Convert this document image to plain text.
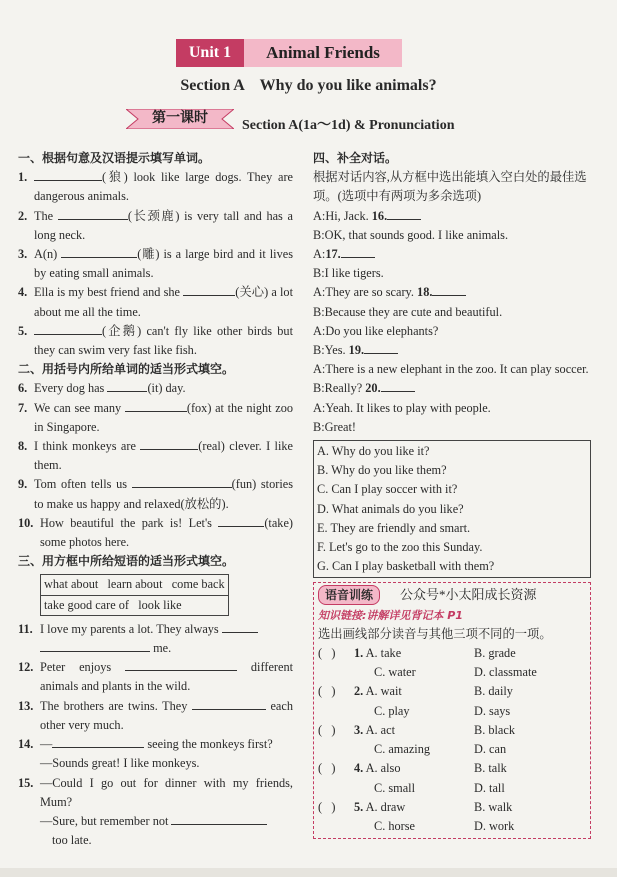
Unit 1	Animal Friends
Section A    Why do you like animals?
第一课时 Section A(1a～1d) & Pronunciation
一、根据句意及汉语提示填写单词。
1.	(狼) look like large dogs. They are dangerous animals.
2. The	(长颈鹿) is very tall and has a long neck.
3. A(n)	(雕) is a large bird and it lives by eating small animals.
4. Ella is my best friend and she	(关心) a lot about me all the time.
5.	(企鹅) can't fly like other birds but they can swim very fast like fish.
二、用括号内所给单词的适当形式填空。
6. Every dog has	(it) day.
7. We can see many	(fox) at the night zoo in Singapore.
8. I think monkeys are	(real) clever. I like them.
9. Tom often tells us	(fun) stories to make us happy and relaxed(放松的).
10. How beautiful the park is! Let's	(take) some photos here.
三、用方框中所给短语的适当形式填空。
what about   learn about   come back
take good care of   look like
11. I love my parents a lot. They always
me.
12. Peter enjoys	different animals and plants in the wild.
13. The brothers are twins. They	each other very much.
14. —	seeing the monkeys first?
—Sounds great! I like monkeys.
15. —Could I go out for dinner with my friends, Mum?
—Sure, but remember not
too late.
四、补全对话。
根据对话内容,从方框中选出能填入空白处的最佳选项。(选项中有两项为多余选项)
A:Hi, Jack. 16.
B:OK, that sounds good. I like animals.
A:17.
B:I like tigers.
A:They are so scary. 18.
B:Because they are cute and beautiful.
A:Do you like elephants?
B:Yes. 19.
A: There is a new elephant in the zoo. It can play soccer.
B:Really? 20.
A:Yeah. It likes to play with people.
B:Great!
A. Why do you like it?
B. Why do you like them?
C. Can I play soccer with it?
D. What animals do you like?
E. They are friendly and smart.
F. Let's go to the zoo this Sunday.
G. Can I play basketball with them?
语音训练 公众号*小太阳成长资源
知识链接:讲解详见背记本 P1
选出画线部分读音与其他三项不同的一项。
(   )	1. A. take	B. grade
C. water	D. classmate
(   )	2. A. wait	B. daily
C. play	D. says
(   )	3. A. act	B. black
C. amazing	D. can
(   )	4. A. also	B. talk
C. small	D. tall
(   )	5. A. draw	B. walk
C. horse	D. work
